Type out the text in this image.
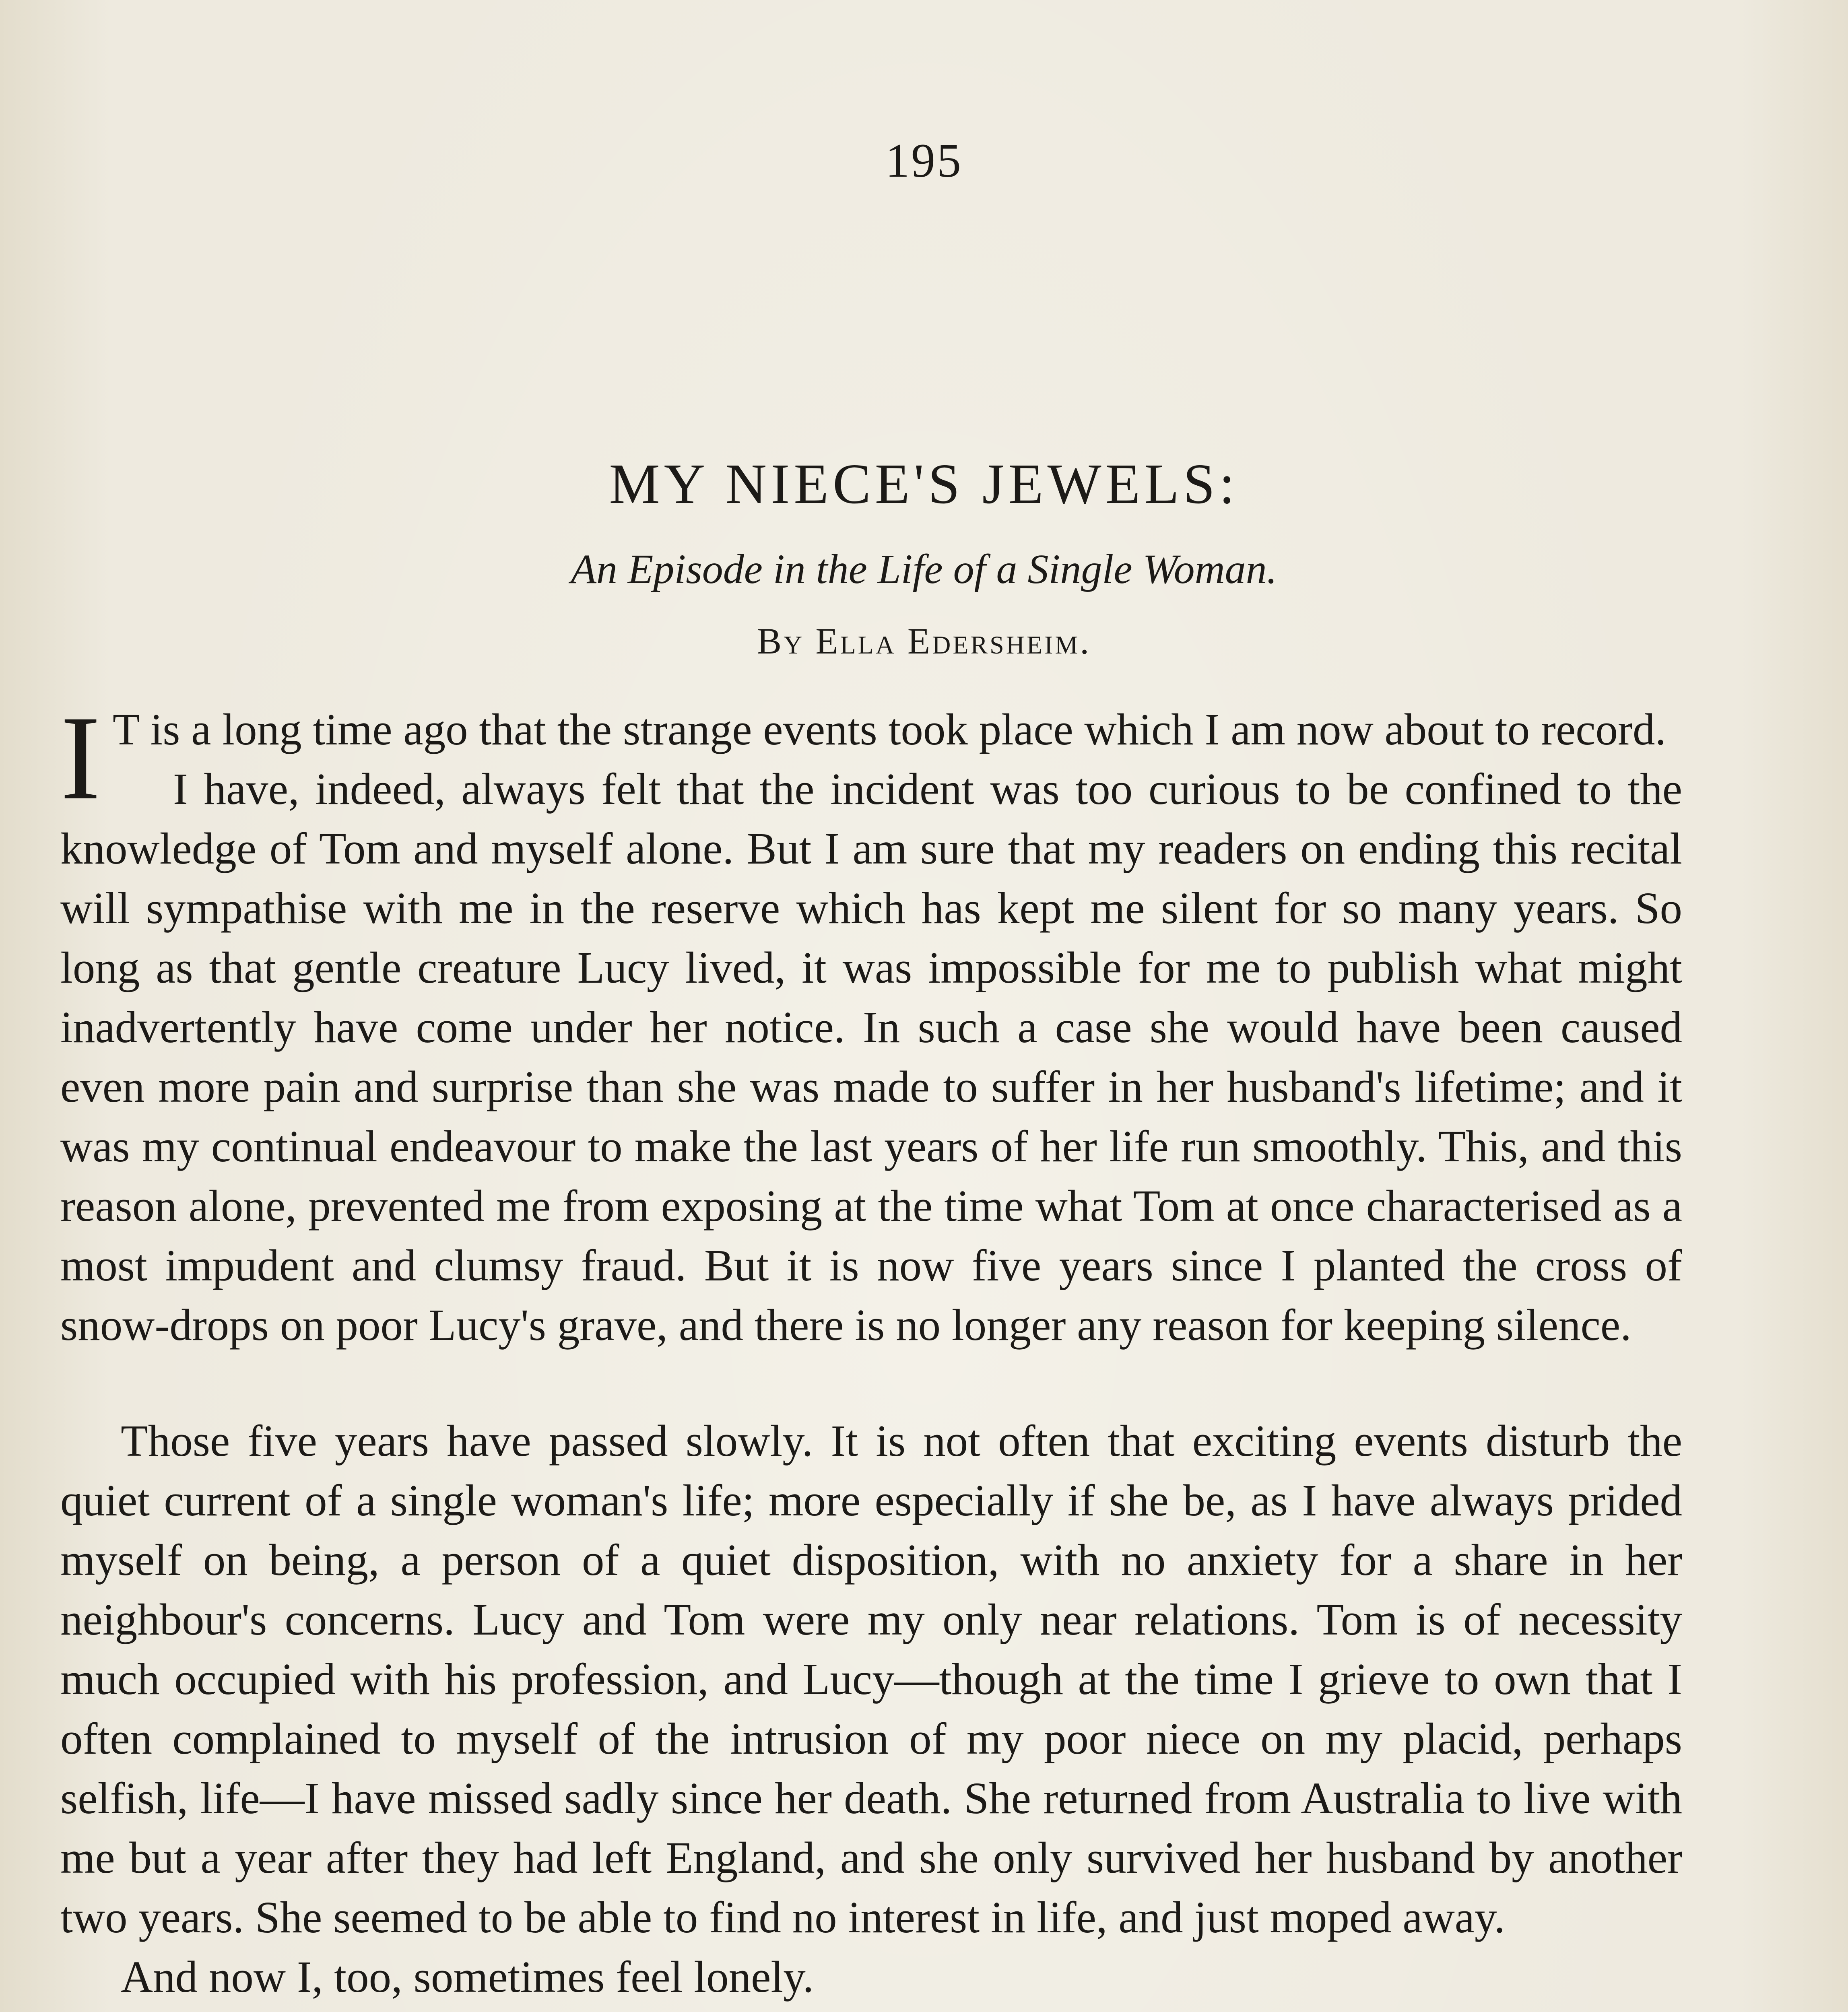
195
MY NIECE'S JEWELS:
An Episode in the Life of a Single Woman.
By Ella Edersheim.

I T is a long time ago that the strange events took place which I am now about to record.

I have, indeed, always felt that the incident was too curious to be confined to the knowledge of Tom and myself alone. But I am sure that my readers on ending this recital will sympathise with me in the reserve which has kept me silent for so many years. So long as that gentle creature Lucy lived, it was impossible for me to publish what might inadvertently have come under her notice. In such a case she would have been caused even more pain and surprise than she was made to suffer in her husband's lifetime; and it was my continual endeavour to make the last years of her life run smoothly. This, and this reason alone, prevented me from exposing at the time what Tom at once characterised as a most impudent and clumsy fraud. But it is now five years since I planted the cross of snow-drops on poor Lucy's grave, and there is no longer any reason for keeping silence.

Those five years have passed slowly. It is not often that exciting events disturb the quiet current of a single woman's life; more especially if she be, as I have always prided myself on being, a person of a quiet disposition, with no anxiety for a share in her neighbour's concerns. Lucy and Tom were my only near relations. Tom is of necessity much occupied with his profession, and Lucy—though at the time I grieve to own that I often complained to myself of the intrusion of my poor niece on my placid, perhaps selfish, life—I have missed sadly since her death. She returned from Australia to live with me but a year after they had left England, and she only survived her husband by another two years. She seemed to be able to find no interest in life, and just moped away.

And now I, too, sometimes feel lonely.
